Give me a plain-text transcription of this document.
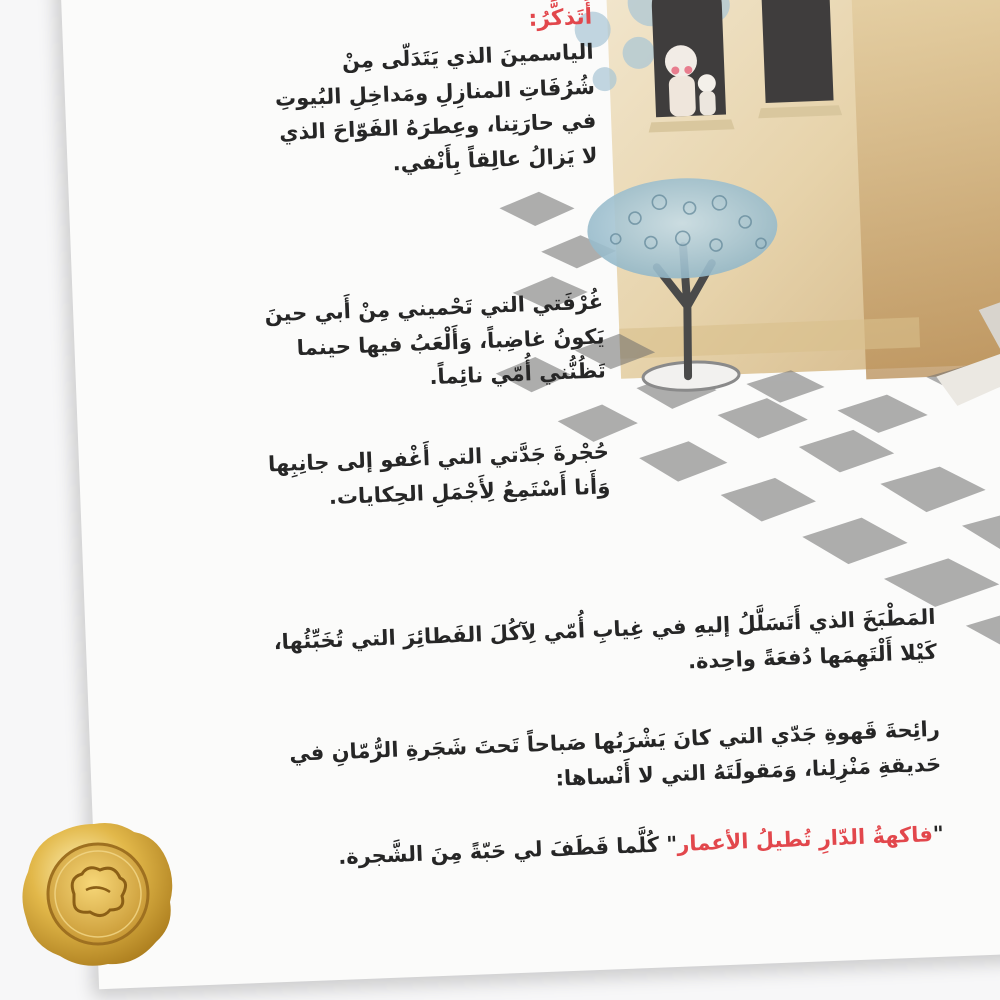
أَتَذكَّرُ:

الياسمينَ الذي يَتَدَلّى مِنْ
شُرُفَاتِ المنازِلِ ومَداخِلِ البُيوتِ
في حارَتِنا، وعِطرَهُ الفَوّاحَ الذي
لا يَزالُ عالِقاً بِأَنْفي.

غُرْفَتي التي تَحْميني مِنْ أَبي حينَ
يَكونُ غاضِباً، وَأَلْعَبُ فيها حينما
تَظُنُّني أُمّي نائِماً.

حُجْرةَ جَدَّتي التي أَغْفو إلى جانِبِها
وَأَنا أَسْتَمِعُ لِأَجْمَلِ الحِكايات.

المَطْبَخَ الذي أَتَسَلَّلُ إليهِ في غِيابِ أُمّي لِآكُلَ الفَطائِرَ التي تُخَبِّئُها،
كَيْلا أَلْتَهِمَها دُفعَةً واحِدة.

رائِحةَ قَهوةِ جَدّي التي كانَ يَشْرَبُها صَباحاً تَحتَ شَجَرةِ الرُّمّانِ في
حَديقةِ مَنْزِلِنا، وَمَقولَتَهُ التي لا أَنْساها:

"فاكهةُ الدّارِ تُطيلُ الأعمار" كُلَّما قَطَفَ لي حَبّةً مِنَ الشَّجرة.
